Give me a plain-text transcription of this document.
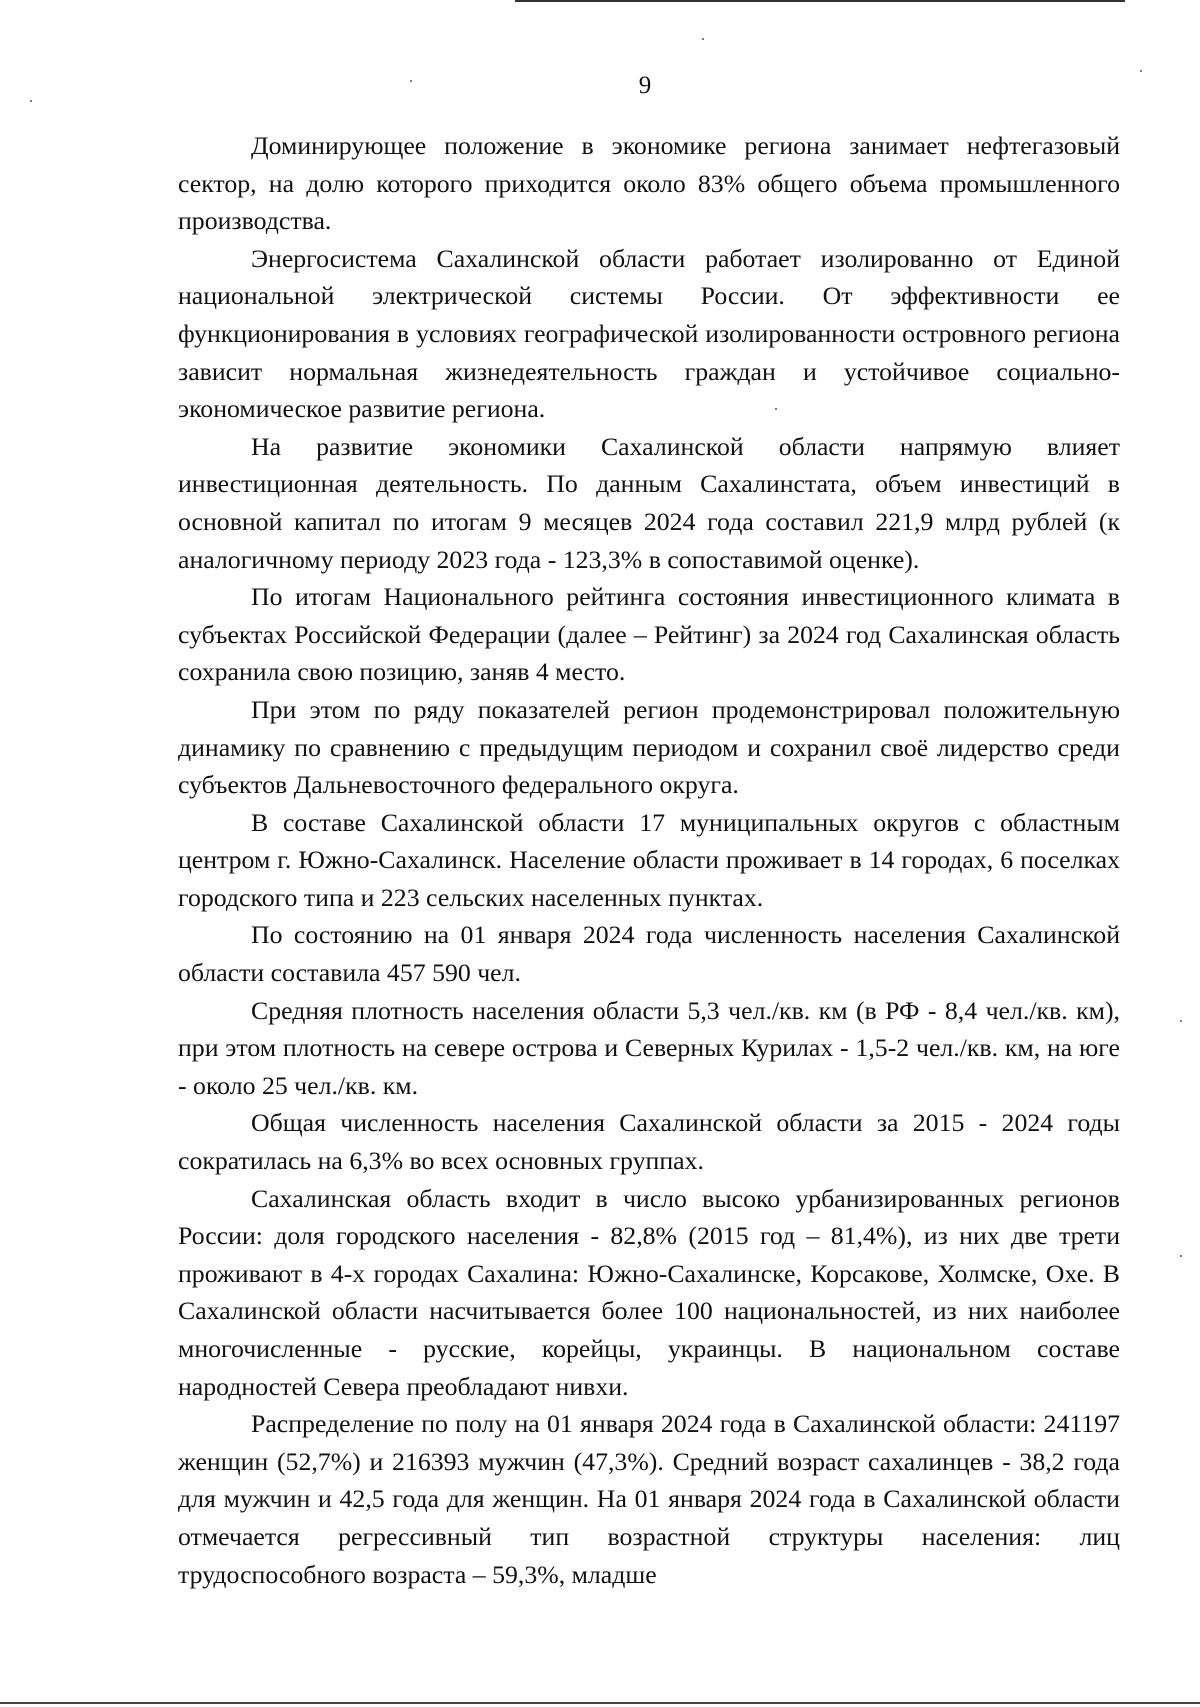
9

Доминирующее положение в экономике региона занимает нефтегазовый сектор, на долю которого приходится около 83% общего объема промышленного производства.

Энергосистема Сахалинской области работает изолированно от Единой национальной электрической системы России. От эффективности ее функционирования в условиях географической изолированности островного региона зависит нормальная жизнедеятельность граждан и устойчивое социально-экономическое развитие региона.

На развитие экономики Сахалинской области напрямую влияет инвестиционная деятельность. По данным Сахалинстата, объем инвестиций в основной капитал по итогам 9 месяцев 2024 года составил 221,9 млрд рублей (к аналогичному периоду 2023 года - 123,3% в сопоставимой оценке).

По итогам Национального рейтинга состояния инвестиционного климата в субъектах Российской Федерации (далее – Рейтинг) за 2024 год Сахалинская область сохранила свою позицию, заняв 4 место.

При этом по ряду показателей регион продемонстрировал положительную динамику по сравнению с предыдущим периодом и сохранил своё лидерство среди субъектов Дальневосточного федерального округа.

В составе Сахалинской области 17 муниципальных округов с областным центром г. Южно-Сахалинск. Население области проживает в 14 городах, 6 поселках городского типа и 223 сельских населенных пунктах.

По состоянию на 01 января 2024 года численность населения Сахалинской области составила 457 590 чел.

Средняя плотность населения области 5,3 чел./кв. км (в РФ - 8,4 чел./кв. км), при этом плотность на севере острова и Северных Курилах - 1,5-2 чел./кв. км, на юге - около 25 чел./кв. км.

Общая численность населения Сахалинской области за 2015 - 2024 годы сократилась на 6,3% во всех основных группах.

Сахалинская область входит в число высоко урбанизированных регионов России: доля городского населения - 82,8% (2015 год – 81,4%), из них две трети проживают в 4-х городах Сахалина: Южно-Сахалинске, Корсакове, Холмске, Охе. В Сахалинской области насчитывается более 100 национальностей, из них наиболее многочисленные - русские, корейцы, украинцы. В национальном составе народностей Севера преобладают нивхи.

Распределение по полу на 01 января 2024 года в Сахалинской области: 241197 женщин (52,7%) и 216393 мужчин (47,3%). Средний возраст сахалинцев - 38,2 года для мужчин и 42,5 года для женщин. На 01 января 2024 года в Сахалинской области отмечается регрессивный тип возрастной структуры населения: лиц трудоспособного возраста – 59,3%, младше
